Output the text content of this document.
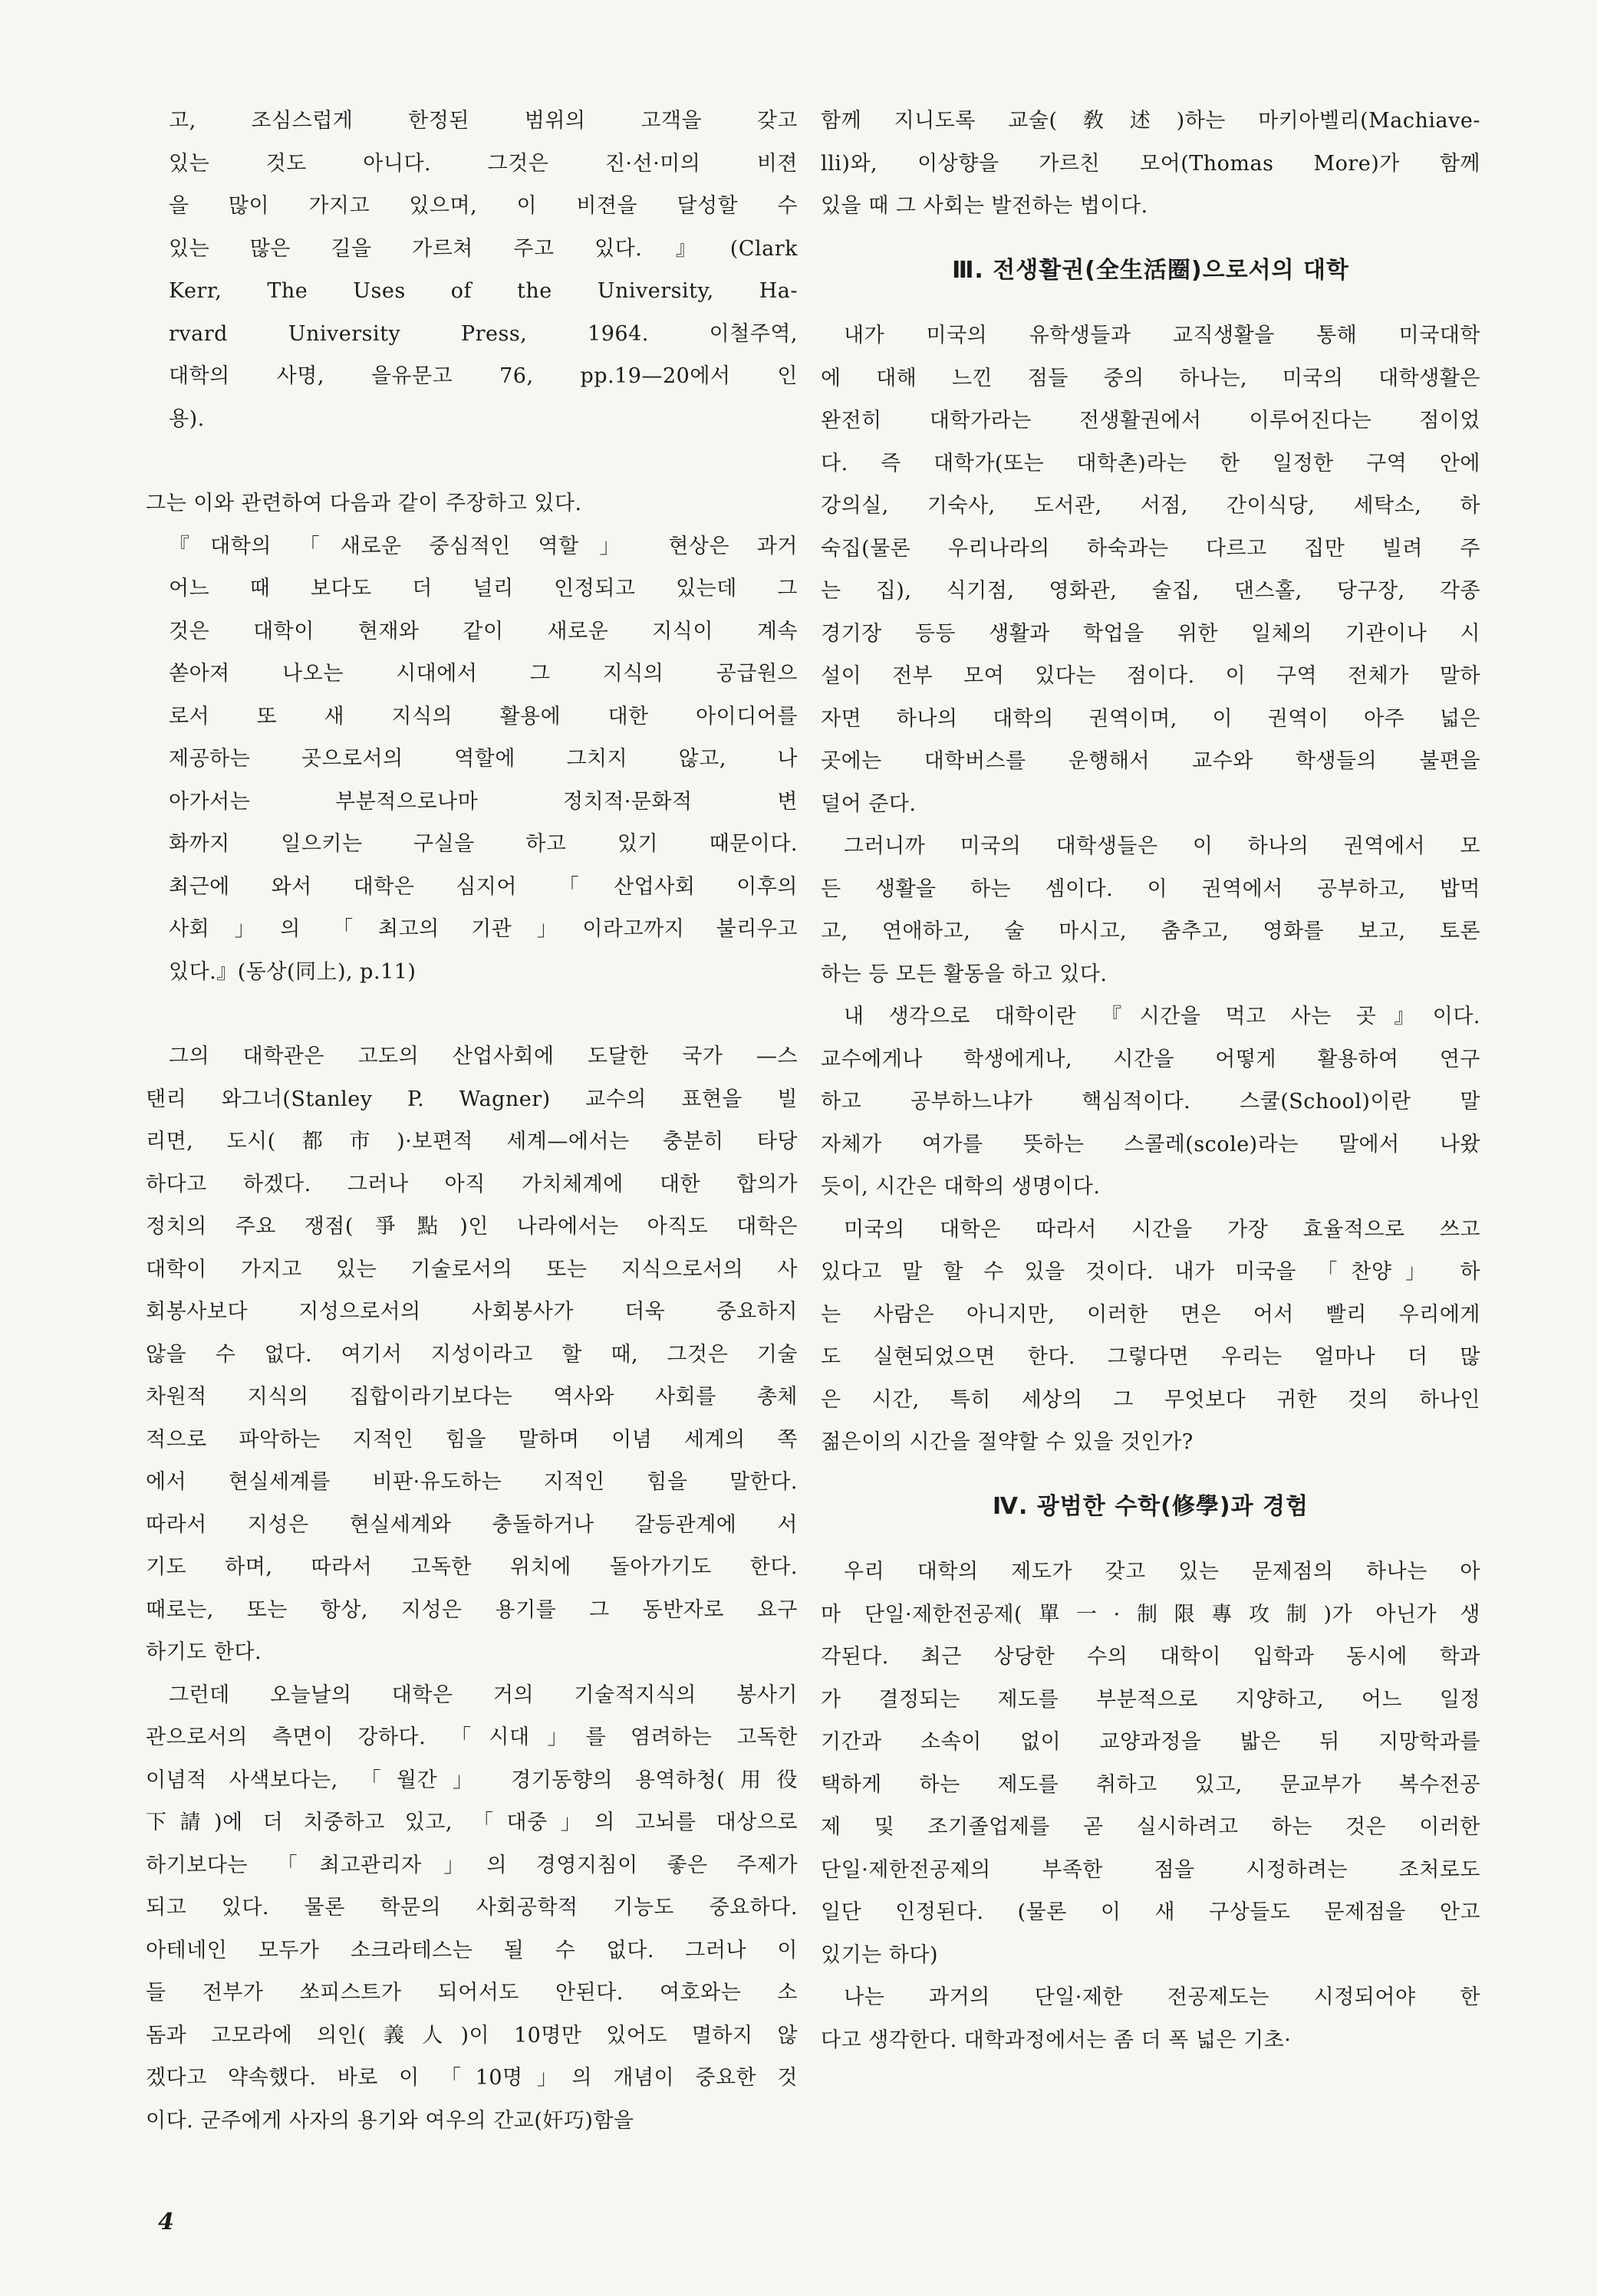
고, 조심스럽게 한정된 범위의 고객을 갖고
있는 것도 아니다. 그것은 진·선·미의 비젼
을 많이 가지고 있으며, 이 비젼을 달성할 수
있는 많은 길을 가르쳐 주고 있다.』(Clark
Kerr, The Uses of the University, Ha-
rvard University Press, 1964. 이철주역,
대학의 사명, 을유문고 76, pp.19—20에서 인
용).

그는 이와 관련하여 다음과 같이 주장하고 있다.

『대학의 「새로운 중심적인 역할」 현상은 과거
어느 때 보다도 더 널리 인정되고 있는데 그
것은 대학이 현재와 같이 새로운 지식이 계속
쏟아져 나오는 시대에서 그 지식의 공급원으
로서 또 새 지식의 활용에 대한 아이디어를
제공하는 곳으로서의 역할에 그치지 않고, 나
아가서는 부분적으로나마 정치적·문화적 변
화까지 일으키는 구실을 하고 있기 때문이다.
최근에 와서 대학은 심지어 「산업사회 이후의
사회」의 「최고의 기관」이라고까지 불리우고
있다.』(동상(同上), p.11)
그의 대학관은 고도의 산업사회에 도달한 국가 —스
탠리 와그너(Stanley P. Wagner) 교수의 표현을 빌
리면, 도시(都市)·보편적 세계—에서는 충분히 타당
하다고 하겠다. 그러나 아직 가치체계에 대한 합의가
정치의 주요 쟁점(爭點)인 나라에서는 아직도 대학은
대학이 가지고 있는 기술로서의 또는 지식으로서의 사
회봉사보다 지성으로서의 사회봉사가 더욱 중요하지
않을 수 없다. 여기서 지성이라고 할 때, 그것은 기술
차원적 지식의 집합이라기보다는 역사와 사회를 총체
적으로 파악하는 지적인 힘을 말하며 이념 세계의 쪽
에서 현실세계를 비판·유도하는 지적인 힘을 말한다.
따라서 지성은 현실세계와 충돌하거나 갈등관계에 서
기도 하며, 따라서 고독한 위치에 돌아가기도 한다.
때로는, 또는 항상, 지성은 용기를 그 동반자로 요구
하기도 한다.
그런데 오늘날의 대학은 거의 기술적지식의 봉사기
관으로서의 측면이 강하다. 「시대」를 염려하는 고독한
이념적 사색보다는, 「월간」 경기동향의 용역하청(用役
下請)에 더 치중하고 있고, 「대중」의 고뇌를 대상으로
하기보다는 「최고관리자」의 경영지침이 좋은 주제가
되고 있다. 물론 학문의 사회공학적 기능도 중요하다.
아테네인 모두가 소크라테스는 될 수 없다. 그러나 이
들 전부가 쏘피스트가 되어서도 안된다. 여호와는 소
돔과 고모라에 의인(義人)이 10명만 있어도 멸하지 않
겠다고 약속했다. 바로 이 「10명」의 개념이 중요한 것
이다. 군주에게 사자의 용기와 여우의 간교(奸巧)함을
함께 지니도록 교술(敎述)하는 마키아벨리(Machiave-
lli)와, 이상향을 가르친 모어(Thomas More)가 함께
있을 때 그 사회는 발전하는 법이다.
Ⅲ. 전생활권(全生活圈)으로서의 대학
내가 미국의 유학생들과 교직생활을 통해 미국대학
에 대해 느낀 점들 중의 하나는, 미국의 대학생활은
완전히 대학가라는 전생활권에서 이루어진다는 점이었
다. 즉 대학가(또는 대학촌)라는 한 일정한 구역 안에
강의실, 기숙사, 도서관, 서점, 간이식당, 세탁소, 하
숙집(물론 우리나라의 하숙과는 다르고 집만 빌려 주
는 집), 식기점, 영화관, 술집, 댄스홀, 당구장, 각종
경기장 등등 생활과 학업을 위한 일체의 기관이나 시
설이 전부 모여 있다는 점이다. 이 구역 전체가 말하
자면 하나의 대학의 권역이며, 이 권역이 아주 넓은
곳에는 대학버스를 운행해서 교수와 학생들의 불편을
덜어 준다.
그러니까 미국의 대학생들은 이 하나의 권역에서 모
든 생활을 하는 셈이다. 이 권역에서 공부하고, 밥먹
고, 연애하고, 술 마시고, 춤추고, 영화를 보고, 토론
하는 등 모든 활동을 하고 있다.
내 생각으로 대학이란 『시간을 먹고 사는 곳』이다.
교수에게나 학생에게나, 시간을 어떻게 활용하여 연구
하고 공부하느냐가 핵심적이다. 스쿨(School)이란 말
자체가 여가를 뜻하는 스콜레(scole)라는 말에서 나왔
듯이, 시간은 대학의 생명이다.
미국의 대학은 따라서 시간을 가장 효율적으로 쓰고
있다고 말 할 수 있을 것이다. 내가 미국을 「찬양」 하
는 사람은 아니지만, 이러한 면은 어서 빨리 우리에게
도 실현되었으면 한다. 그렇다면 우리는 얼마나 더 많
은 시간, 특히 세상의 그 무엇보다 귀한 것의 하나인
젊은이의 시간을 절약할 수 있을 것인가?
Ⅳ. 광범한 수학(修學)과 경험
우리 대학의 제도가 갖고 있는 문제점의 하나는 아
마 단일·제한전공제(單一·制限專攻制)가 아닌가 생
각된다. 최근 상당한 수의 대학이 입학과 동시에 학과
가 결정되는 제도를 부분적으로 지양하고, 어느 일정
기간과 소속이 없이 교양과정을 밟은 뒤 지망학과를
택하게 하는 제도를 취하고 있고, 문교부가 복수전공
제 및 조기졸업제를 곧 실시하려고 하는 것은 이러한
단일·제한전공제의 부족한 점을 시정하려는 조처로도
일단 인정된다. (물론 이 새 구상들도 문제점을 안고
있기는 하다)
나는 과거의 단일·제한 전공제도는 시정되어야 한
다고 생각한다. 대학과정에서는 좀 더 폭 넓은 기초·
4
